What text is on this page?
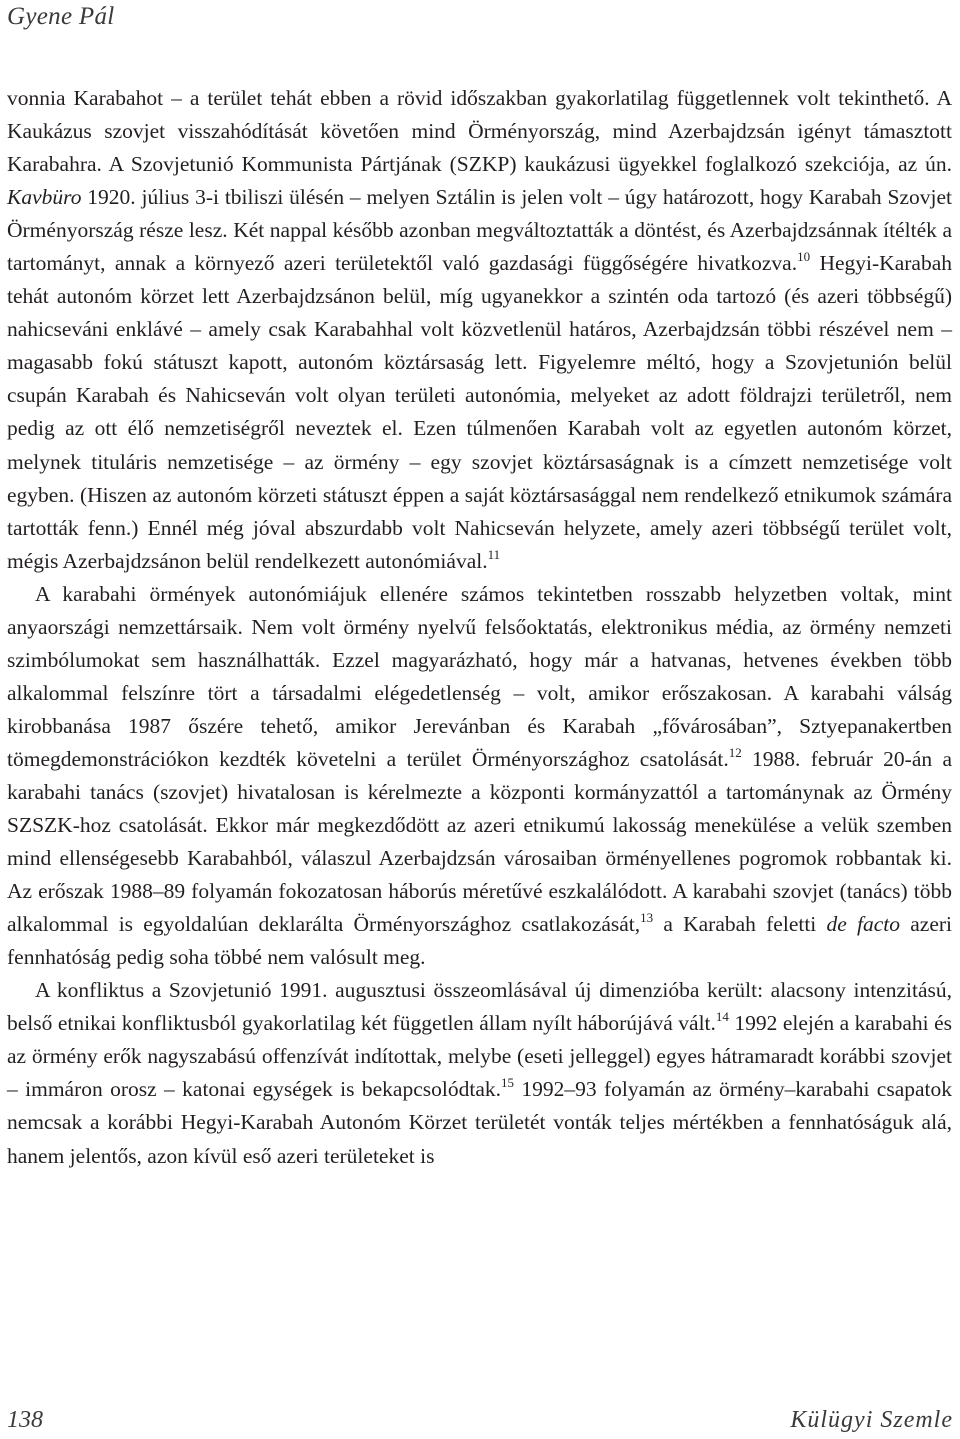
Gyene Pál

vonnia Karabahot – a terület tehát ebben a rövid időszakban gyakorlatilag függetlennek volt tekinthető. A Kaukázus szovjet visszahódítását követően mind Örményország, mind Azerbajdzsán igényt támasztott Karabahra. A Szovjetunió Kommunista Pártjának (SZKP) kaukázusi ügyekkel foglalkozó szekciója, az ún. Kavbüro 1920. július 3-i tbiliszi ülésén – melyen Sztálin is jelen volt – úgy határozott, hogy Karabah Szovjet Örményország része lesz. Két nappal később azonban megváltoztatták a döntést, és Azerbajdzsánnak ítélték a tartományt, annak a környező azeri területektől való gazdasági függőségére hivatkozva.$^{10}$ Hegyi-Karabah tehát autonóm körzet lett Azerbajdzsánon belül, míg ugyanekkor a szintén oda tartozó (és azeri többségű) nahicseváni enklávé – amely csak Karabahhal volt közvetlenül határos, Azerbajdzsán többi részével nem – magasabb fokú státuszt kapott, autonóm köztársaság lett. Figyelemre méltó, hogy a Szovjetunión belül csupán Karabah és Nahicseván volt olyan területi autonómia, melyeket az adott földrajzi területről, nem pedig az ott élő nemzetiségről neveztek el. Ezen túlmenően Karabah volt az egyetlen autonóm körzet, melynek tituláris nemzetisége – az örmény – egy szovjet köztársaságnak is a címzett nemzetisége volt egyben. (Hiszen az autonóm körzeti státuszt éppen a saját köztársasággal nem rendelkező etnikumok számára tartották fenn.) Ennél még jóval abszurdabb volt Nahicseván helyzete, amely azeri többségű terület volt, mégis Azerbajdzsánon belül rendelkezett autonómiával.$^{11}$

A karabahi örmények autonómiájuk ellenére számos tekintetben rosszabb helyzetben voltak, mint anyaországi nemzettársaik. Nem volt örmény nyelvű felsőoktatás, elektronikus média, az örmény nemzeti szimbólumokat sem használhatták. Ezzel magyarázható, hogy már a hatvanas, hetvenes években több alkalommal felszínre tört a társadalmi elégedetlenség – volt, amikor erőszakosan. A karabahi válság kirobbanása 1987 őszére tehető, amikor Jerevánban és Karabah „fővárosában”, Sztyepanakertben tömegdemonstrációkon kezdték követelni a terület Örményországhoz csatolását.$^{12}$ 1988. február 20-án a karabahi tanács (szovjet) hivatalosan is kérelmezte a központi kormányzattól a tartománynak az Örmény SZSZK-hoz csatolását. Ekkor már megkezdődött az azeri etnikumú lakosság menekülése a velük szemben mind ellenségesebb Karabahból, válaszul Azerbajdzsán városaiban örményellenes pogromok robbantak ki. Az erőszak 1988–89 folyamán fokozatosan háborús méretűvé eszkalálódott. A karabahi szovjet (tanács) több alkalommal is egyoldalúan deklarálta Örményországhoz csatlakozását,$^{13}$ a Karabah feletti de facto azeri fennhatóság pedig soha többé nem valósult meg.

A konfliktus a Szovjetunió 1991. augusztusi összeomlásával új dimenzióba került: alacsony intenzitású, belső etnikai konfliktusból gyakorlatilag két független állam nyílt háborújává vált.$^{14}$ 1992 elején a karabahi és az örmény erők nagyszabású offenzívát indítottak, melybe (eseti jelleggel) egyes hátramaradt korábbi szovjet – immáron orosz – katonai egységek is bekapcsolódtak.$^{15}$ 1992–93 folyamán az örmény–karabahi csapatok nemcsak a korábbi Hegyi-Karabah Autonóm Körzet területét vonták teljes mértékben a fennhatóságuk alá, hanem jelentős, azon kívül eső azeri területeket is

138	Külügyi Szemle
